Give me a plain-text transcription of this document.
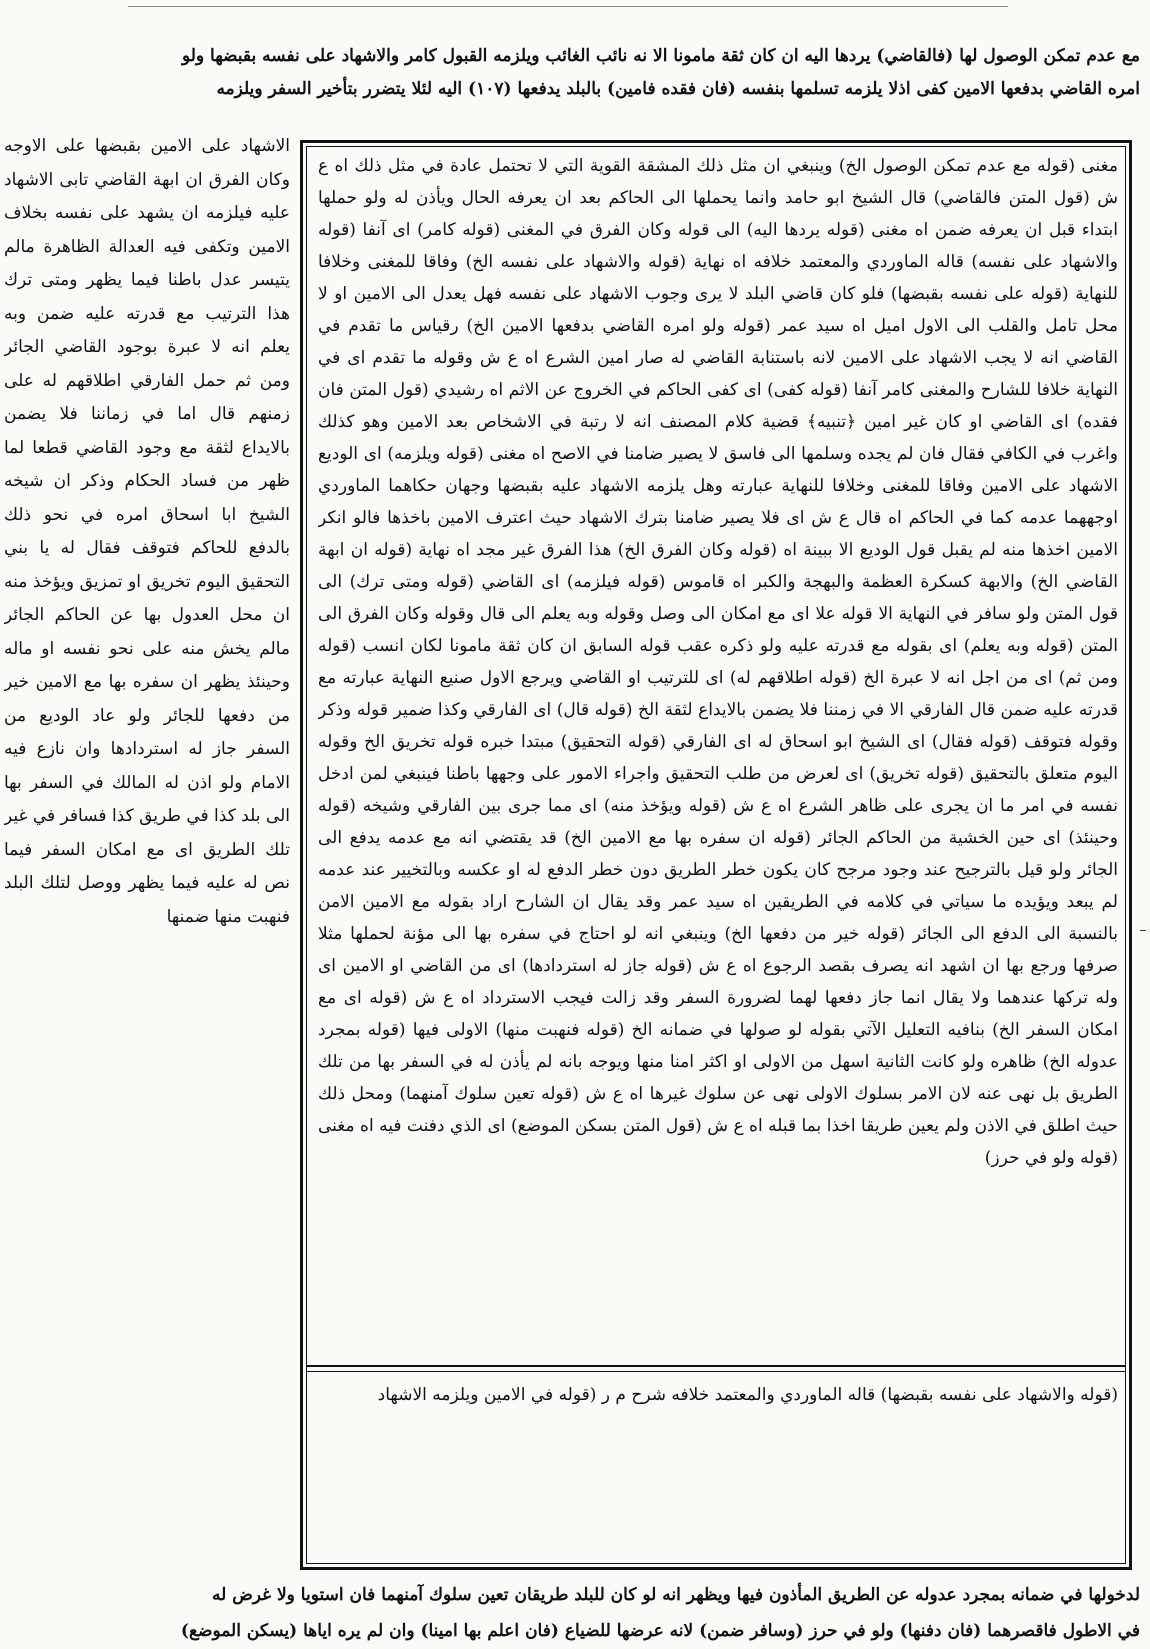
مع عدم تمكن الوصول لها (فالقاضي) يردها اليه ان كان ثقة مامونا الا نه نائب الغائب ويلزمه القبول كامر والاشهاد على نفسه بقبضها ولو
امره القاضي بدفعها الامين كفى اذلا يلزمه تسلمها بنفسه (فان فقده فامين) بالبلد يدفعها (١٠٧) اليه لئلا يتضرر بتأخير السفر ويلزمه
الاشهاد على الامين بقبضها على الاوجه وكان الفرق ان ابهة القاضي تابى الاشهاد عليه فيلزمه ان يشهد على نفسه بخلاف الامين وتكفى فيه العدالة الظاهرة مالم يتيسر عدل باطنا فيما يظهر ومتى ترك هذا الترتيب مع قدرته عليه ضمن وبه يعلم انه لا عبرة بوجود القاضي الجائر ومن ثم حمل الفارقي اطلاقهم له على زمنهم قال اما في زماننا فلا يضمن بالايداع لثقة مع وجود القاضي قطعا لما ظهر من فساد الحكام وذكر ان شيخه الشيخ ابا اسحاق امره في نحو ذلك بالدفع للحاكم فتوقف فقال له يا بني التحقيق اليوم تخريق او تمزيق ويؤخذ منه ان محل العدول بها عن الحاكم الجائر مالم يخش منه على نحو نفسه او ماله وحينئذ يظهر ان سفره بها مع الامين خير من دفعها للجائر ولو عاد الوديع من السفر جاز له استردادها وان نازع فيه الامام ولو اذن له المالك في السفر بها الى بلد كذا في طريق كذا فسافر في غير تلك الطريق اى مع امكان السفر فيما نص له عليه فيما يظهر ووصل لتلك البلد فنهبت منها ضمنها
مغنى (قوله مع عدم تمكن الوصول الخ) وينبغي ان مثل ذلك المشقة القوية التي لا تحتمل عادة في مثل ذلك اه ع ش (قول المتن فالقاضي) قال الشيخ ابو حامد وانما يحملها الى الحاكم بعد ان يعرفه الحال ويأذن له ولو حملها ابتداء قبل ان يعرفه ضمن اه مغنى (قوله يردها اليه) الى قوله وكان الفرق في المغنى (قوله كامر) اى آنفا (قوله والاشهاد على نفسه) قاله الماوردي والمعتمد خلافه اه نهاية (قوله والاشهاد على نفسه الخ) وفاقا للمغنى وخلافا للنهاية (قوله على نفسه بقبضها) فلو كان قاضي البلد لا يرى وجوب الاشهاد على نفسه فهل يعدل الى الامين او لا محل تامل والقلب الى الاول اميل اه سيد عمر (قوله ولو امره القاضي بدفعها الامين الخ) رقياس ما تقدم في القاضي انه لا يجب الاشهاد على الامين لانه باستنابة القاضي له صار امين الشرع اه ع ش وقوله ما تقدم اى في النهاية خلافا للشارح والمغنى كامر آنفا (قوله كفى) اى كفى الحاكم في الخروج عن الاثم اه رشيدي (قول المتن فان فقده) اى القاضي او كان غير امين ﴿تنبيه﴾ قضية كلام المصنف انه لا رتبة في الاشخاص بعد الامين وهو كذلك واغرب في الكافي فقال فان لم يجده وسلمها الى فاسق لا يصير ضامنا في الاصح اه مغنى (قوله ويلزمه) اى الوديع الاشهاد على الامين وفاقا للمغنى وخلافا للنهاية عبارته وهل يلزمه الاشهاد عليه بقبضها وجهان حكاهما الماوردي اوجههما عدمه كما في الحاكم اه قال ع ش اى فلا يصير ضامنا بترك الاشهاد حيث اعترف الامين باخذها فالو انكر الامين اخذها منه لم يقبل قول الوديع الا ببينة اه (قوله وكان الفرق الخ) هذا الفرق غير مجد اه نهاية (قوله ان ابهة القاضي الخ) والابهة كسكرة العظمة والبهجة والكبر اه قاموس (قوله فيلزمه) اى القاضي (قوله ومتى ترك) الى قول المتن ولو سافر في النهاية الا قوله علا اى مع امكان الى وصل وقوله وبه يعلم الى قال وقوله وكان الفرق الى المتن (قوله وبه يعلم) اى بقوله مع قدرته عليه ولو ذكره عقب قوله السابق ان كان ثقة مامونا لكان انسب (قوله ومن ثم) اى من اجل انه لا عبرة الخ (قوله اطلاقهم له) اى للترتيب او القاضي ويرجع الاول صنيع النهاية عبارته مع قدرته عليه ضمن قال الفارقي الا في زمننا فلا يضمن بالايداع لثقة الخ (قوله قال) اى الفارقي وكذا ضمير قوله وذكر وقوله فتوقف (قوله فقال) اى الشيخ ابو اسحاق له اى الفارقي (قوله التحقيق) مبتدا خبره قوله تخريق الخ وقوله اليوم متعلق بالتحقيق (قوله تخريق) اى لعرض من طلب التحقيق واجراء الامور على وجهها باطنا فينبغي لمن ادخل نفسه في امر ما ان يجرى على ظاهر الشرع اه ع ش (قوله ويؤخذ منه) اى مما جرى بين الفارقي وشيخه (قوله وحينئذ) اى حين الخشية من الحاكم الجائر (قوله ان سفره بها مع الامين الخ) قد يقتضي انه مع عدمه يدفع الى الجائر ولو قيل بالترجيح عند وجود مرجح كان يكون خطر الطريق دون خطر الدفع له او عكسه وبالتخيير عند عدمه لم يبعد ويؤيده ما سياتي في كلامه في الطريقين اه سيد عمر وقد يقال ان الشارح اراد بقوله مع الامين الامن بالنسبة الى الدفع الى الجائر (قوله خير من دفعها الخ) وينبغي انه لو احتاج في سفره بها الى مؤنة لحملها مثلا صرفها ورجع بها ان اشهد انه يصرف بقصد الرجوع اه ع ش (قوله جاز له استردادها) اى من القاضي او الامين اى وله تركها عندهما ولا يقال انما جاز دفعها لهما لضرورة السفر وقد زالت فيجب الاسترداد اه ع ش (قوله اى مع امكان السفر الخ) بنافيه التعليل الآتي بقوله لو صولها في ضمانه الخ (قوله فنهبت منها) الاولى فيها (قوله بمجرد عدوله الخ) ظاهره ولو كانت الثانية اسهل من الاولى او اكثر امنا منها ويوجه بانه لم يأذن له في السفر بها من تلك الطريق بل نهى عنه لان الامر بسلوك الاولى نهى عن سلوك غيرها اه ع ش (قوله تعين سلوك آمنهما) ومحل ذلك حيث اطلق في الاذن ولم يعين طريقا اخذا بما قبله اه ع ش (قول المتن بسكن الموضع) اى الذي دفنت فيه اه مغنى (قوله ولو في حرز)
(قوله والاشهاد على نفسه بقبضها) قاله الماوردي والمعتمد خلافه شرح م ر (قوله في الامين ويلزمه الاشهاد
لدخولها في ضمانه بمجرد عدوله عن الطريق المأذون فيها ويظهر انه لو كان للبلد طريقان تعين سلوك آمنهما فان استويا ولا غرض له
في الاطول فاقصرهما (فان دفنها) ولو في حرز (وسافر ضمن) لانه عرضها للضياع (فان اعلم بها امينا) وان لم يره اياها (يسكن الموضع)
